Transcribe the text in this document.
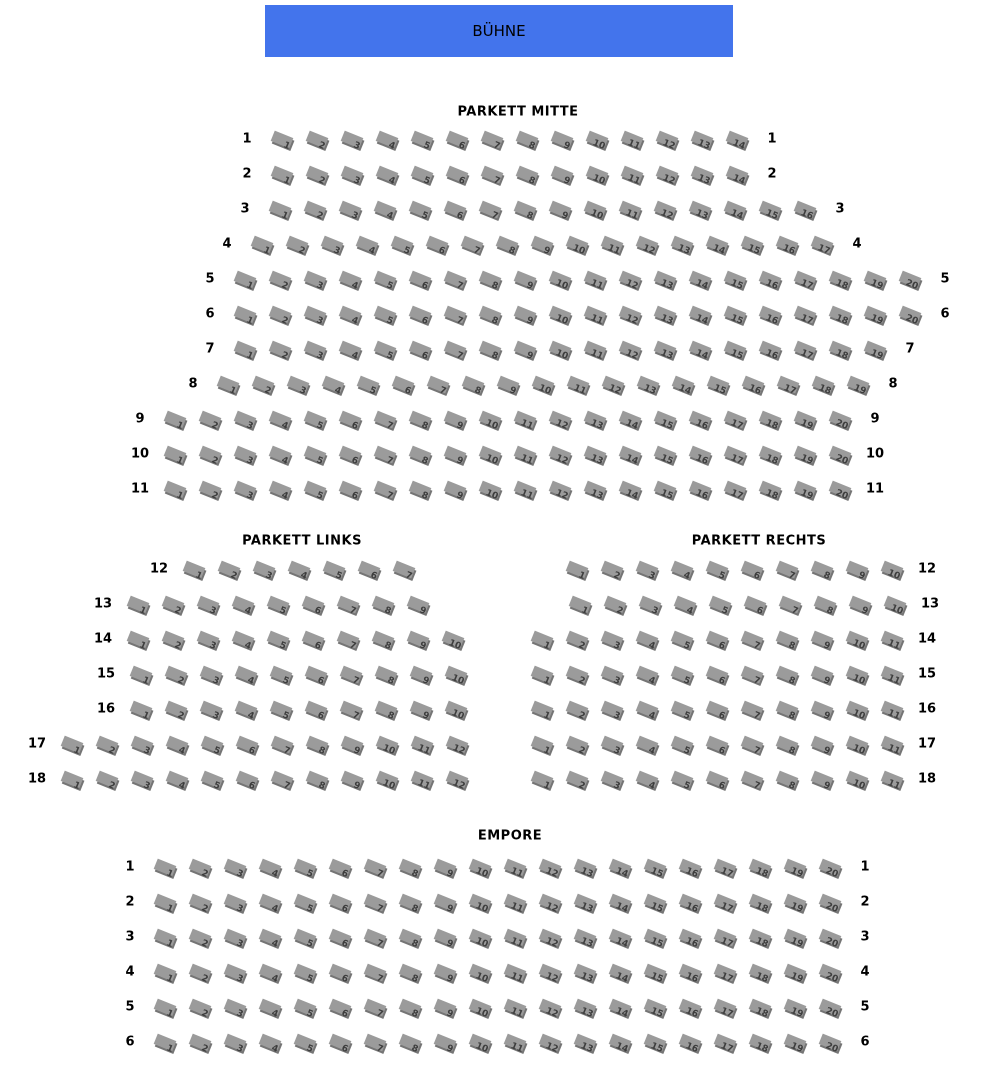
BÜHNE
PARKETT MITTE
1	1
1	2	3	4	5	6	7	8	9 10 11 12 13 14
2	2
1	2	3	4	5	6	7	8	9 10 11 12 13 14
3	3
1	2	3	4	5	6	7	8	9 10 11 12 13 14 15 16
4	4
1	2	3	4	5	6	7	8	9 10 11 12 13 14 15 16 17
5	5
1	2	3	4	5	6	7	8	9 10 11 12 13 14 15 16 17 18 19 20
6	6
1	2	3	4	5	6	7	8	9 10 11 12 13 14 15 16 17 18 19 20
7	7
1	2	3	4	5	6	7	8	9 10 11 12 13 14 15 16 17 18 19
8	8
1	2	3	4	5	6	7	8	9 10 11 12 13 14 15 16 17 18 19
9	9
1	2	3	4	5	6	7	8	9 10 11 12 13 14 15 16 17 18 19 20
10	10
1	2	3	4	5	6	7	8	9 10 11 12 13 14 15 16 17 18 19 20
11	11
1	2	3	4	5	6	7	8	9 10 11 12 13 14 15 16 17 18 19 20
PARKETT LINKS
12	1	2	3	4	5	6	7
13	1	2	3	4	5	6	7	8	9
14	1	2	3	4	5	6	7	8	9 10
15	1	2	3	4	5	6	7	8	9 10
16	1	2	3	4	5	6	7	8	9 10
17	1	2	3	4	5	6	7	8	9 10 11 12
18	1	2	3	4	5	6	7	8	9 10 11 12
PARKETT RECHTS
12
1	2	3	4	5	6	7	8	9 10
13
1	2	3	4	5	6	7	8	9 10
14
1	2	3	4	5	6	7	8	9 10 11
15
1	2	3	4	5	6	7	8	9 10 11
16
1	2	3	4	5	6	7	8	9 10 11
17
1	2	3	4	5	6	7	8	9 10 11
18
1	2	3	4	5	6	7	8	9 10 11
EMPORE
1	1
1	2	3	4	5	6	7	8	9 10 11 12 13 14 15 16 17 18 19 20
2	2
1	2	3	4	5	6	7	8	9 10 11 12 13 14 15 16 17 18 19 20
3	3
1	2	3	4	5	6	7	8	9 10 11 12 13 14 15 16 17 18 19 20
4	4
1	2	3	4	5	6	7	8	9 10 11 12 13 14 15 16 17 18 19 20
5	5
1	2	3	4	5	6	7	8	9 10 11 12 13 14 15 16 17 18 19 20
6	6
1	2	3	4	5	6	7	8	9 10 11 12 13 14 15 16 17 18 19 20
